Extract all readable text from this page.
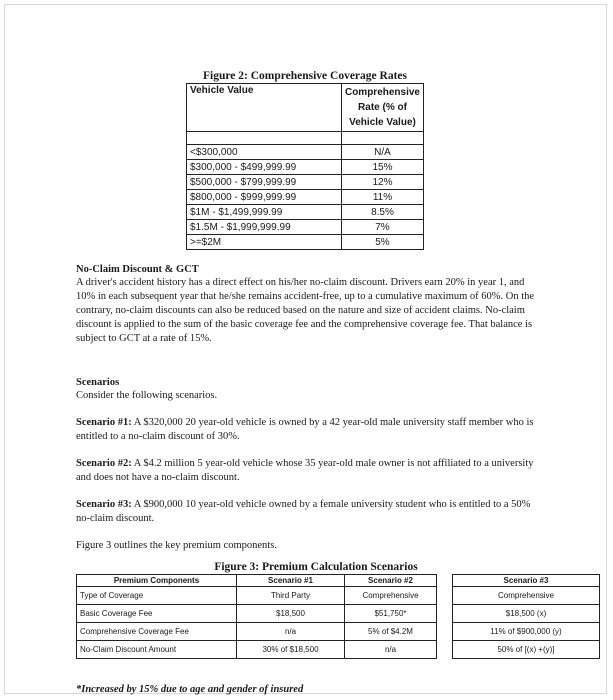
Figure 2: Comprehensive Coverage Rates
Vehicle Value	Comprehensive Rate (% of Vehicle Value)

<$300,000	N/A
$300,000 - $499,999.99	15%
$500,000 - $799,999.99	12%
$800,000 - $999,999.99	11%
$1M - $1,499,999.99	8.5%
$1.5M - $1,999,999.99	7%
>=$2M	5%
No-Claim Discount & GCT
A driver's accident history has a direct effect on his/her no-claim discount. Drivers earn 20% in year 1, and 10% in each subsequent year that he/she remains accident-free, up to a cumulative maximum of 60%. On the contrary, no-claim discounts can also be reduced based on the nature and size of accident claims. No-claim discount is applied to the sum of the basic coverage fee and the comprehensive coverage fee. That balance is subject to GCT at a rate of 15%.
Scenarios
Consider the following scenarios.
Scenario #1: A $320,000 20 year-old vehicle is owned by a 42 year-old male university staff member who is entitled to a no-claim discount of 30%.
Scenario #2: A $4.2 million 5 year-old vehicle whose 35 year-old male owner is not affiliated to a university and does not have a no-claim discount.
Scenario #3: A $900,000 10 year-old vehicle owned by a female university student who is entitled to a 50% no-claim discount.
Figure 3 outlines the key premium components.
Figure 3: Premium Calculation Scenarios
Premium Components	Scenario #1	Scenario #2		Scenario #3
Type of Coverage	Third Party	Comprehensive		Comprehensive
Basic Coverage Fee	$18,500	$51,750*		$18,500 (x)
Comprehensive Coverage Fee	n/a	5% of $4.2M		11% of $900,000 (y)
No-Claim Discount Amount	30% of $18,500	n/a		50% of [(x) +(y)]
*Increased by 15% due to age and gender of insured
